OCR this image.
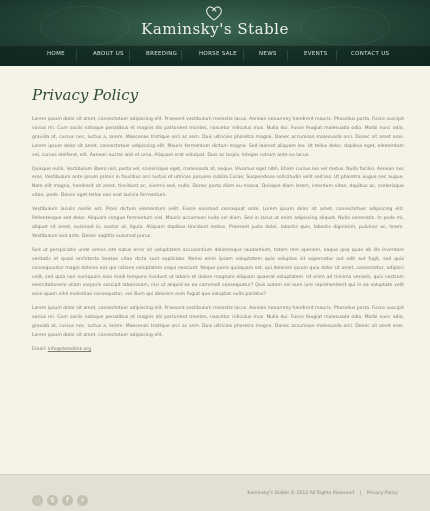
Kaminsky's Stable
HOME	ABOUT US	BREEDING	HORSE SALE	NEWS	EVENTS	CONTACT US
Privacy Policy

Lorem ipsum dolor sit amet, consectetuer adipiscing elit. Praesent vestibulum molestie lacus. Aenean nonummy hendrerit mauris. Phasellus porta. Fusce suscipit varius mi. Cum sociis natoque penatibus et magnis dis parturient montes, nascetur ridiculus mus. Nulla dui. Fusce feugiat malesuada odio. Morbi nunc odio, gravida at, cursus nec, luctus a, lorem. Maecenas tristique orci ac sem. Duis ultricies pharetra magna. Donec accumsan malesuada orci. Donec sit amet eros. Lorem ipsum dolor sit amet, consectetuer adipiscing elit. Mauris fermentum dictum magna. Sed laoreet aliquam leo. Ut tellus dolor, dapibus eget, elementum vel, cursus eleifend, elit. Aenean auctor wisi et urna. Aliquam erat volutpat. Duis ac turpis. Integer rutrum ante eu lacus.

Quisque nulla. Vestibulum libero nisl, porta vel, scelerisque eget, malesuada at, neque. Vivamus eget nibh. Etiam cursus leo vel metus. Nulla facilisi. Aenean nec eros. Vestibulum ante ipsum primis in faucibus orci luctus et ultrices posuere cubilia Curae; Suspendisse sollicitudin velit sed leo. Ut pharetra augue nec augue. Nam elit magna, hendrerit sit amet, tincidunt ac, viverra sed, nulla. Donec porta diam eu massa. Quisque diam lorem, interdum vitae, dapibus ac, scelerisque vitae, pede. Donec eget tellus non erat lacinia fermentum.

Vestibulum iaculis mollis est. Proin dictum elementum velit. Fusce euismod consequat ante. Lorem ipsum dolor sit amet, consectetuer adipiscing elit. Pellentesque sed dolor. Aliquam congue fermentum nisl. Mauris accumsan nulla vel diam. Sed in lacus ut enim adipiscing aliquet. Nulla venenatis. In pede mi, aliquet sit amet, euismod in, auctor ut, ligula. Aliquam dapibus tincidunt metus. Praesent justo dolor, lobortis quis, lobortis dignissim, pulvinar ac, lorem. Vestibulum sed ante. Donec sagittis euismod purus.

Sed ut perspiciatis unde omnis iste natus error sit voluptatem accusantium doloremque laudantium, totam rem aperiam, eaque ipsa quae ab illo inventore veritatis et quasi architecto beatae vitae dicta sunt explicabo. Nemo enim ipsam voluptatem quia voluptas sit aspernatur aut odit aut fugit, sed quia consequuntur magni dolores eos qui ratione voluptatem sequi nesciunt. Neque porro quisquam est, qui dolorem ipsum quia dolor sit amet, consectetur, adipisci velit, sed quia non numquam eius modi tempora incidunt ut labore et dolore magnam aliquam quaerat voluptatem. Ut enim ad minima veniam, quis nostrum exercitationem ullam corporis suscipit laboriosam, nisi ut aliquid ex ea commodi consequatur? Quis autem vel eum iure reprehenderit qui in ea voluptate velit esse quam nihil molestiae consequatur, vel illum qui dolorem eum fugiat quo voluptas nulla pariatur?

Lorem ipsum dolor sit amet, consectetuer adipiscing elit. Praesent vestibulum molestie lacus. Aenean nonummy hendrerit mauris. Phasellus porta. Fusce suscipit varius mi. Cum sociis natoque penatibus et magnis dis parturient montes, nascetur ridiculus mus. Nulla dui. Fusce feugiat malesuada odio. Morbi nunc odio, gravida at, cursus nec, luctus a, lorem. Maecenas tristique orci ac sem. Duis ultricies pharetra magna. Donec accumsan malesuada orci. Donec sit amet eros. Lorem ipsum dolor sit amet, consectetuer adipiscing elit.

Email: info@demolink.org
◌ S f +
Kaminsky's Stable © 2012 All Rights Reserved | Privacy Policy
